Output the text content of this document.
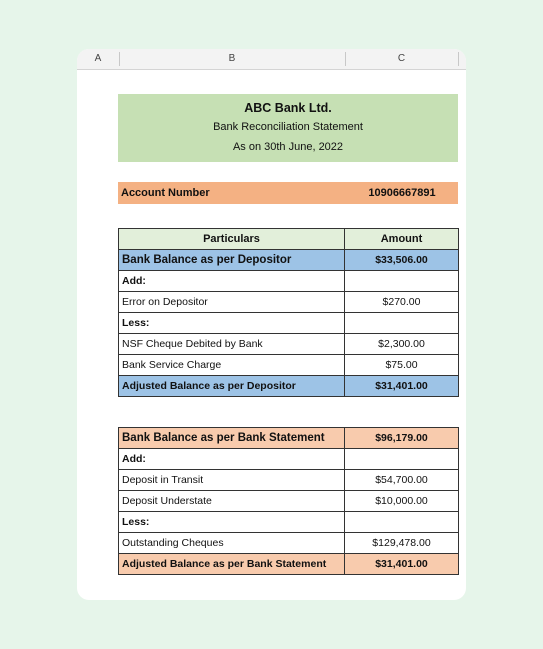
A	B	C
ABC Bank Ltd.
Bank Reconciliation Statement
As on 30th June, 2022
Account Number	10906667891
Particulars	Amount
Bank Balance as per Depositor	$33,506.00
Add:	
Error on Depositor	$270.00
Less:	
NSF Cheque Debited by Bank	$2,300.00
Bank Service Charge	$75.00
Adjusted Balance as per Depositor	$31,401.00
Bank Balance as per Bank Statement	$96,179.00
Add:	
Deposit in Transit	$54,700.00
Deposit Understate	$10,000.00
Less:	
Outstanding Cheques	$129,478.00
Adjusted Balance as per Bank Statement	$31,401.00
